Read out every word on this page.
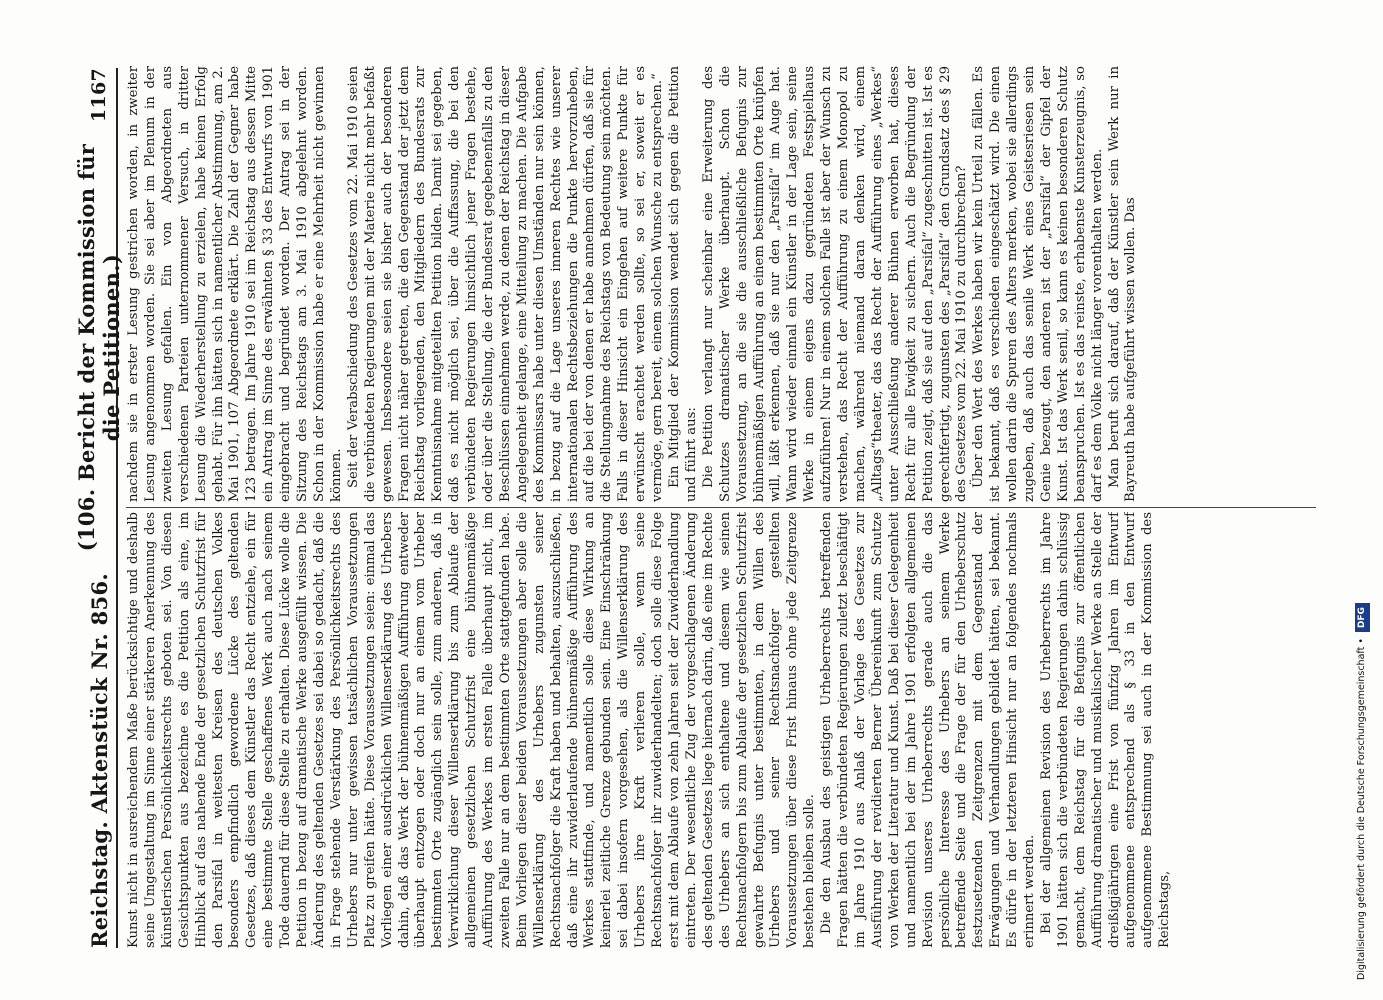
Reichstag. Aktenstück Nr. 856.
(106. Bericht der Kommission für die Petitionen.)
1167

Kunst nicht in ausreichendem Maße berücksichtige und deshalb seine Umgestaltung im Sinne einer stärkeren Anerkennung des künstlerischen Persönlichkeitsrechts geboten sei. Von diesen Gesichtspunkten aus bezeichne es die Petition als eine, im Hinblick auf das nahende Ende der gesetzlichen Schutzfrist für den Parsifal in weitesten Kreisen des deutschen Volkes besonders empfindlich gewordene Lücke des geltenden Gesetzes, daß dieses dem Künstler das Recht entziehe, ein für eine bestimmte Stelle geschaffenes Werk auch nach seinem Tode dauernd für diese Stelle zu erhalten. Diese Lücke wolle die Petition in bezug auf dramatische Werke ausgefüllt wissen. Die Änderung des geltenden Gesetzes sei dabei so gedacht, daß die in Frage stehende Verstärkung des Persönlichkeitsrechts des Urhebers nur unter gewissen tatsächlichen Voraussetzungen Platz zu greifen hätte. Diese Voraussetzungen seien: einmal das Vorliegen einer ausdrücklichen Willenserklärung des Urhebers dahin, daß das Werk der bühnenmäßigen Aufführung entweder überhaupt entzogen oder doch nur an einem vom Urheber bestimmten Orte zugänglich sein solle, zum anderen, daß in Verwirklichung dieser Willenserklärung bis zum Ablaufe der allgemeinen gesetzlichen Schutzfrist eine bühnenmäßige Aufführung des Werkes im ersten Falle überhaupt nicht, im zweiten Falle nur an dem bestimmten Orte stattgefunden habe. Beim Vorliegen dieser beiden Voraussetzungen aber solle die Willenserklärung des Urhebers zugunsten seiner Rechtsnachfolger die Kraft haben und behalten, auszuschließen, daß eine ihr zuwiderlaufende bühnenmäßige Aufführung des Werkes stattfinde, und namentlich solle diese Wirkung an keinerlei zeitliche Grenze gebunden sein. Eine Einschränkung sei dabei insofern vorgesehen, als die Willenserklärung des Urhebers ihre Kraft verlieren solle, wenn seine Rechtsnachfolger ihr zuwiderhandelten; doch solle diese Folge erst mit dem Ablaufe von zehn Jahren seit der Zuwiderhandlung eintreten. Der wesentliche Zug der vorgeschlagenen Änderung des geltenden Gesetzes liege hiernach darin, daß eine im Rechte des Urhebers an sich enthaltene und diesem wie seinen Rechtsnachfolgern bis zum Ablaufe der gesetzlichen Schutzfrist gewahrte Befugnis unter bestimmten, in dem Willen des Urhebers und seiner Rechtsnachfolger gestellten Voraussetzungen über diese Frist hinaus ohne jede Zeitgrenze bestehen bleiben solle. Die den Ausbau des geistigen Urheberrechts betreffenden Fragen hätten die verbündeten Regierungen zuletzt beschäftigt im Jahre 1910 aus Anlaß der Vorlage des Gesetzes zur Ausführung der revidierten Berner Übereinkunft zum Schutze von Werken der Literatur und Kunst. Daß bei dieser Gelegenheit und namentlich bei der im Jahre 1901 erfolgten allgemeinen Revision unseres Urheberrechts gerade auch die das persönliche Interesse des Urhebers an seinem Werke betreffende Seite und die Frage der für den Urheberschutz festzusetzenden Zeitgrenzen mit dem Gegenstand der Erwägungen und Verhandlungen gebildet hätten, sei bekannt. Es dürfe in der letzteren Hinsicht nur an folgendes nochmals erinnert werden. Bei der allgemeinen Revision des Urheberrechts im Jahre 1901 hätten sich die verbündeten Regierungen dahin schlüssig gemacht, dem Reichstag für die Befugnis zur öffentlichen Aufführung dramatischer und musikalischer Werke an Stelle der dreißigjährigen eine Frist von fünfzig Jahren im Entwurf aufgenommene entsprechend als § 33 in den Entwurf aufgenommene Bestimmung sei auch in der Kommission des Reichstags,

nachdem sie in erster Lesung gestrichen worden, in zweiter Lesung angenommen worden. Sie sei aber im Plenum in der zweiten Lesung gefallen. Ein von Abgeordneten aus verschiedenen Parteien unternommener Versuch, in dritter Lesung die Wiederherstellung zu erzielen, habe keinen Erfolg gehabt. Für ihn hätten sich in namentlicher Abstimmung, am 2. Mai 1901, 107 Abgeordnete erklärt. Die Zahl der Gegner habe 123 betragen. Im Jahre 1910 sei im Reichstag aus dessen Mitte ein Antrag im Sinne des erwähnten § 33 des Entwurfs von 1901 eingebracht und begründet worden. Der Antrag sei in der Sitzung des Reichstags am 3. Mai 1910 abgelehnt worden. Schon in der Kommission habe er eine Mehrheit nicht gewinnen können. Seit der Verabschiedung des Gesetzes vom 22. Mai 1910 seien die verbündeten Regierungen mit der Materie nicht mehr befaßt gewesen. Insbesondere seien sie bisher auch der besonderen Fragen nicht näher getreten, die den Gegenstand der jetzt dem Reichstag vorliegenden, den Mitgliedern des Bundesrats zur Kenntnisnahme mitgeteilten Petition bilden. Damit sei gegeben, daß es nicht möglich sei, über die Auffassung, die bei den verbündeten Regierungen hinsichtlich jener Fragen bestehe, oder über die Stellung, die der Bundesrat gegebenenfalls zu den Beschlüssen einnehmen werde, zu denen der Reichstag in dieser Angelegenheit gelange, eine Mitteilung zu machen. Die Aufgabe des Kommissars habe unter diesen Umständen nur sein können, in bezug auf die Lage unseres inneren Rechtes wie unserer internationalen Rechtsbeziehungen die Punkte hervorzuheben, auf die bei der von denen er habe annehmen dürfen, daß sie für die Stellungnahme des Reichstags von Bedeutung sein möchten. Falls in dieser Hinsicht ein Eingehen auf weitere Punkte für erwünscht erachtet werden sollte, so sei er, soweit er es vermöge, gern bereit, einem solchen Wunsche zu entsprechen.“ Ein Mitglied der Kommission wendet sich gegen die Petition und führt aus: Die Petition verlangt nur scheinbar eine Erweiterung des Schutzes dramatischer Werke überhaupt. Schon die Voraussetzung, an die sie die ausschließliche Befugnis zur bühnenmäßigen Aufführung an einem bestimmten Orte knüpfen will, läßt erkennen, daß sie nur den „Parsifal“ im Auge hat. Wann wird wieder einmal ein Künstler in der Lage sein, seine Werke in einem eigens dazu gegründeten Festspielhaus aufzuführen! Nur in einem solchen Falle ist aber der Wunsch zu verstehen, das Recht der Aufführung zu einem Monopol zu machen, während niemand daran denken wird, einem „Alltags“theater, das das Recht der Aufführung eines „Werkes“ unter Ausschließung anderer Bühnen erworben hat, dieses Recht für alle Ewigkeit zu sichern. Auch die Begründung der Petition zeigt, daß sie auf den „Parsifal“ zugeschnitten ist. Ist es gerechtfertigt, zugunsten des „Parsifal“ den Grundsatz des § 29 des Gesetzes vom 22. Mai 1910 zu durchbrechen? Über den Wert des Werkes haben wir kein Urteil zu fällen. Es ist bekannt, daß es verschieden eingeschätzt wird. Die einen wollen darin die Spuren des Alters merken, wobei sie allerdings zugeben, daß auch das senile Werk eines Geistesriesen sein Genie bezeugt, den anderen ist der „Parsifal“ der Gipfel der Kunst. Ist das Werk senil, so kann es keinen besonderen Schutz beanspruchen. Ist es das reinste, erhabenste Kunsterzeugnis, so darf es dem Volke nicht länger vorenthalten werden. Man beruft sich darauf, daß der Künstler sein Werk nur in Bayreuth habe aufgeführt wissen wollen. Das

Digitalisierung gefördert durch die Deutsche Forschungsgemeinschaft •
DFG
